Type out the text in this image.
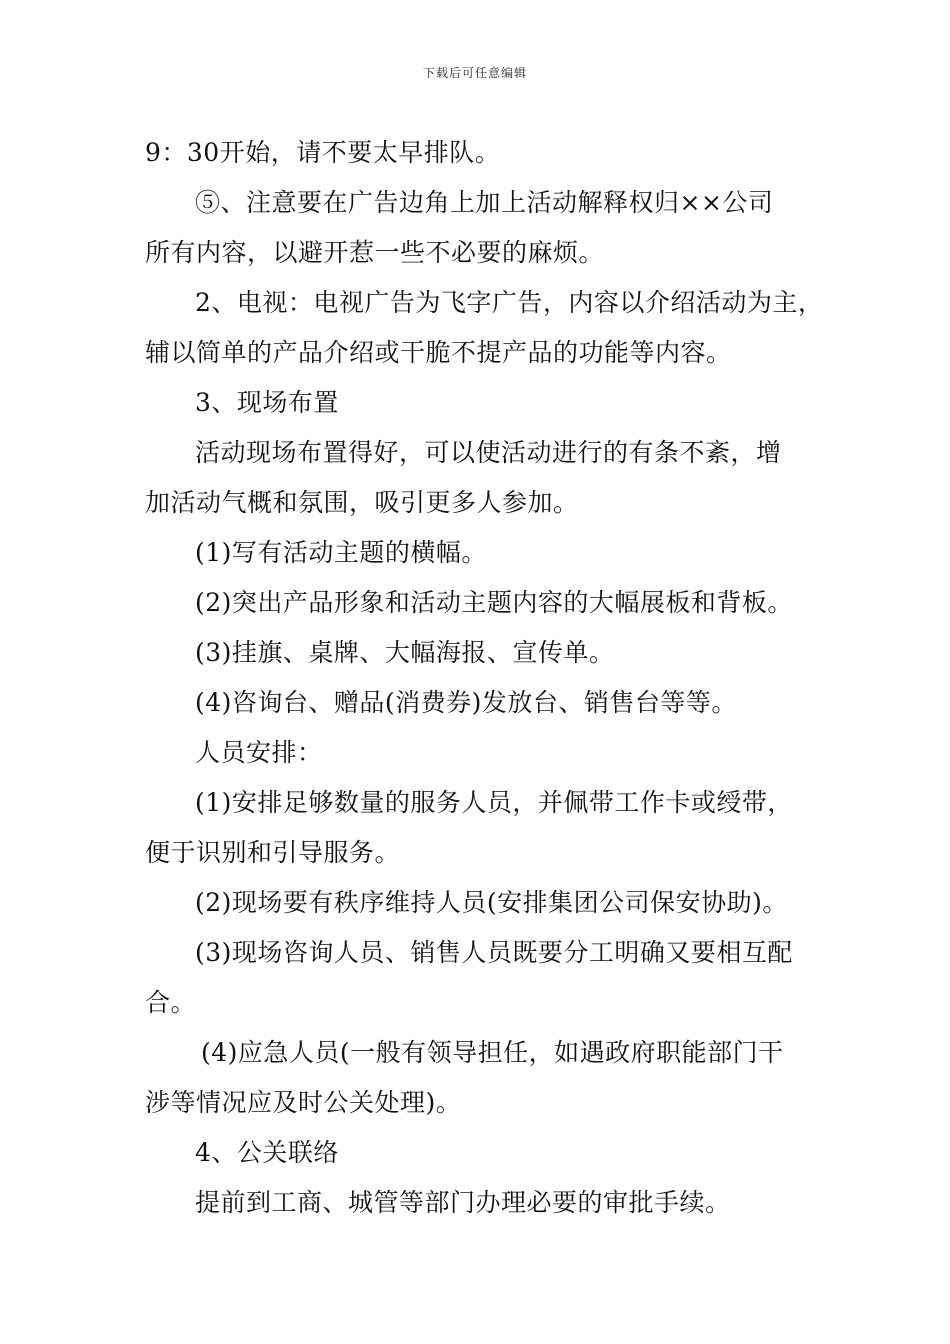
下载后可任意编辑
9：30开始，请不要太早排队。
⑤、注意要在广告边角上加上活动解释权归××公司
所有内容，以避开惹一些不必要的麻烦。
2、电视：电视广告为飞字广告，内容以介绍活动为主，
辅以简单的产品介绍或干脆不提产品的功能等内容。
3、现场布置
活动现场布置得好，可以使活动进行的有条不紊，增
加活动气概和氛围，吸引更多人参加。
(1)写有活动主题的横幅。
(2)突出产品形象和活动主题内容的大幅展板和背板。
(3)挂旗、桌牌、大幅海报、宣传单。
(4)咨询台、赠品(消费券)发放台、销售台等等。
人员安排：
(1)安排足够数量的服务人员，并佩带工作卡或绶带，
便于识别和引导服务。
(2)现场要有秩序维持人员(安排集团公司保安协助)。
(3)现场咨询人员、销售人员既要分工明确又要相互配
合。
(4)应急人员(一般有领导担任，如遇政府职能部门干
涉等情况应及时公关处理)。
4、公关联络
提前到工商、城管等部门办理必要的审批手续。
